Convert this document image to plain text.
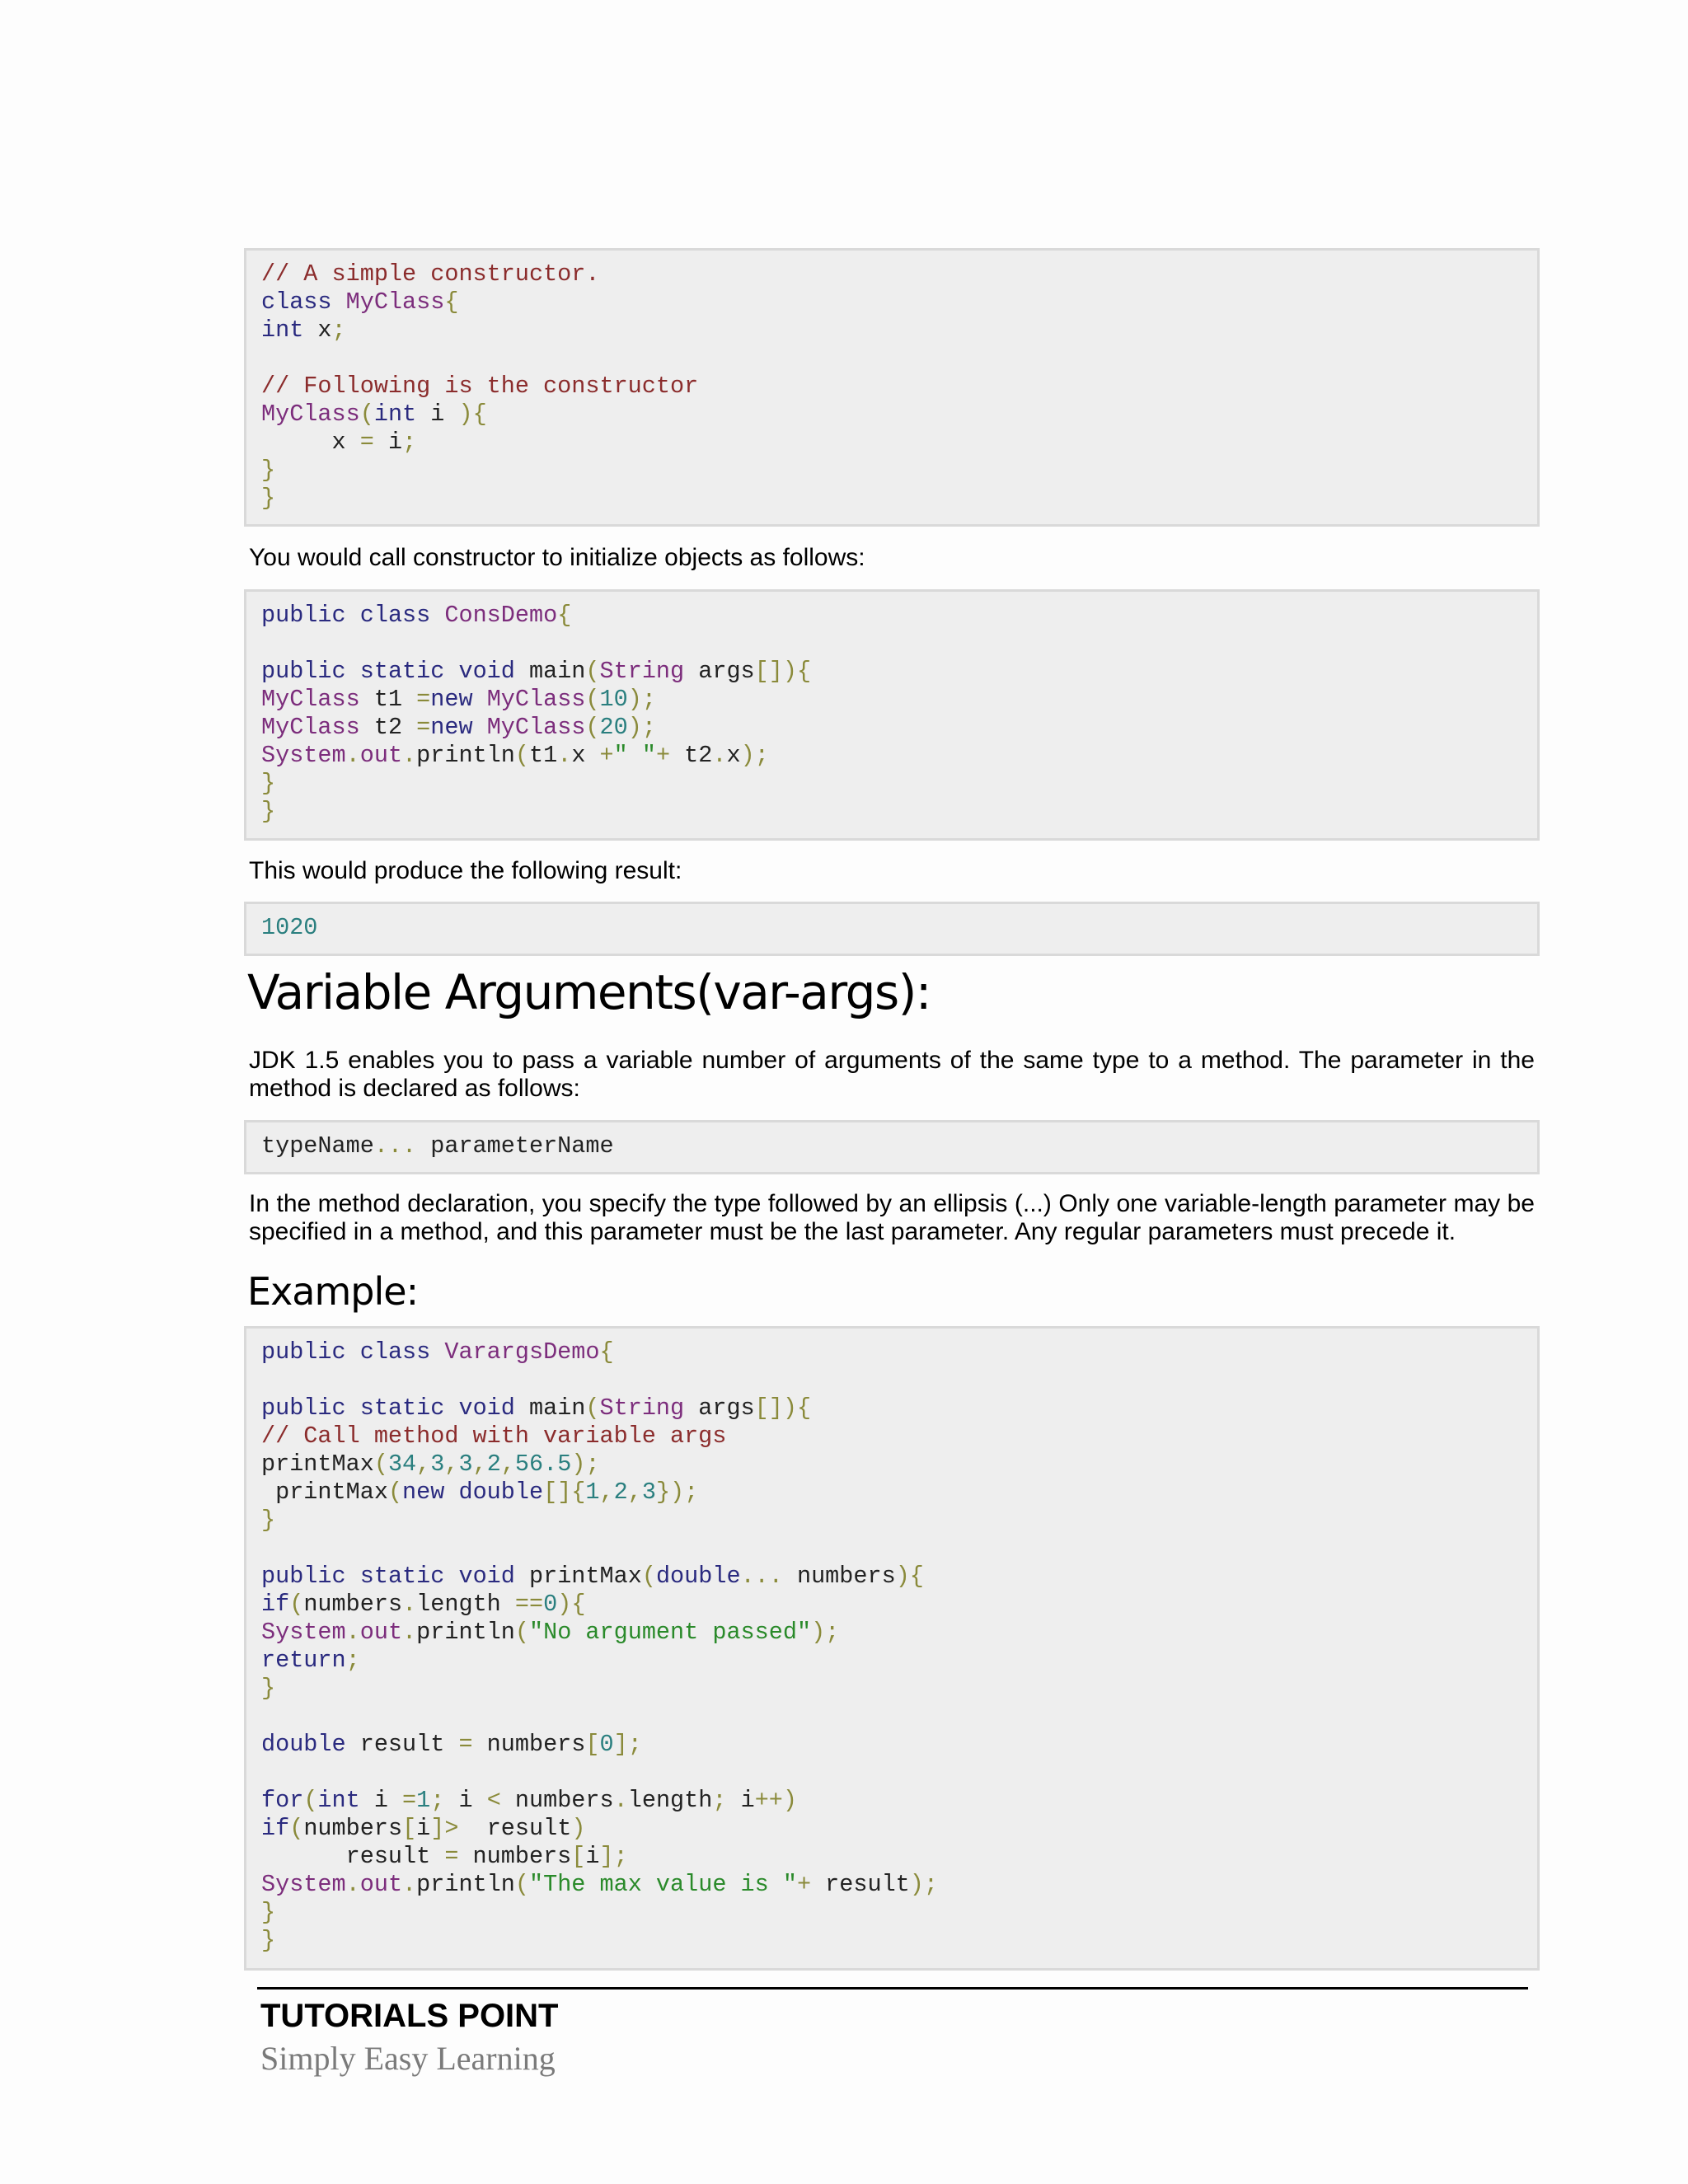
// A simple constructor.
class MyClass{
int x;
// Following is the constructor
MyClass(int i ){
x = i;
}
}
You would call constructor to initialize objects as follows:
public class ConsDemo{
public static void main(String args[]){
MyClass t1 =new MyClass(10);
MyClass t2 =new MyClass(20);
System.out.println(t1.x +" "+ t2.x);
}
}
This would produce the following result:
1020
Variable Arguments(var-args):
JDK 1.5 enables you to pass a variable number of arguments of the same type to a method. The parameter in the method is declared as follows:
typeName... parameterName
In the method declaration, you specify the type followed by an ellipsis (...) Only one variable-length parameter may be specified in a method, and this parameter must be the last parameter. Any regular parameters must precede it.
Example:
public class VarargsDemo{
public static void main(String args[]){
// Call method with variable args
printMax(34,3,3,2,56.5);
printMax(new double[]{1,2,3});
}
public static void printMax(double... numbers){
if(numbers.length ==0){
System.out.println("No argument passed");
return;
}
double result = numbers[0];
for(int i =1; i < numbers.length; i++)
if(numbers[i]>  result)
result = numbers[i];
System.out.println("The max value is "+ result);
}
}
TUTORIALS POINT
Simply Easy Learning
